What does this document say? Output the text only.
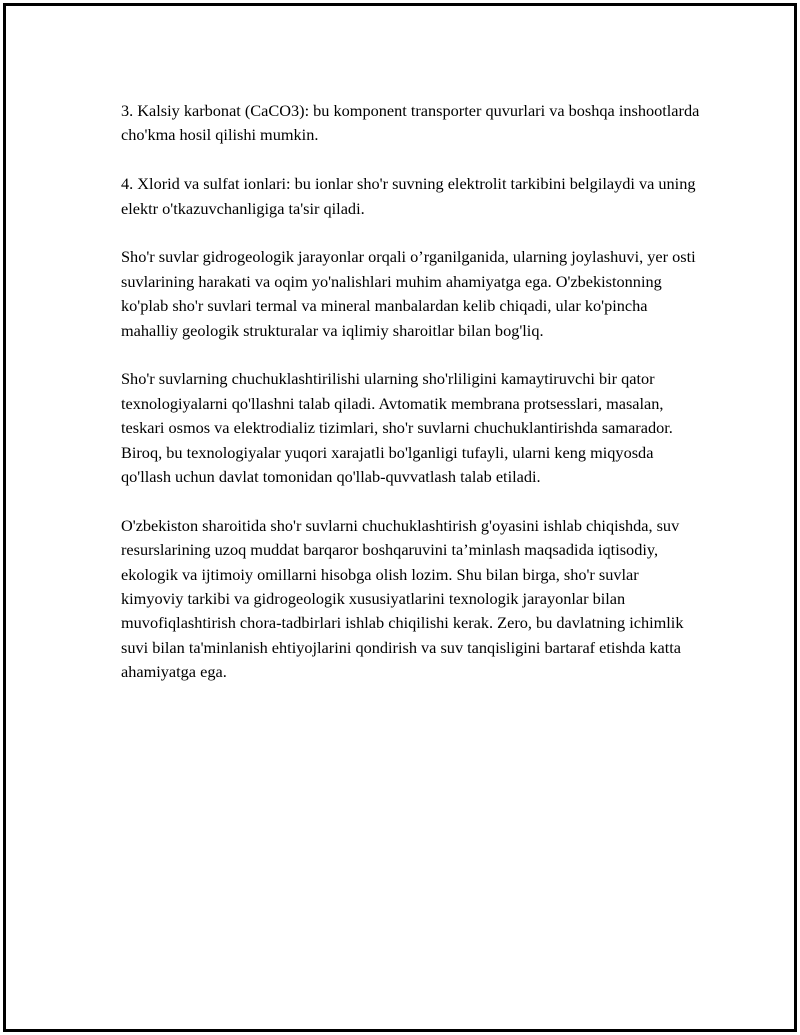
3. Kalsiy karbonat (CaCO3): bu komponent transporter quvurlari va boshqa inshootlarda cho'kma hosil qilishi mumkin.

4. Xlorid va sulfat ionlari: bu ionlar sho'r suvning elektrolit tarkibini belgilaydi va uning elektr o'tkazuvchanligiga ta'sir qiladi.

Sho'r suvlar gidrogeologik jarayonlar orqali o’rganilganida, ularning joylashuvi, yer osti suvlarining harakati va oqim yo'nalishlari muhim ahamiyatga ega. O'zbekistonning ko'plab sho'r suvlari termal va mineral manbalardan kelib chiqadi, ular ko'pincha mahalliy geologik strukturalar va iqlimiy sharoitlar bilan bog'liq.

Sho'r suvlarning chuchuklashtirilishi ularning sho'rliligini kamaytiruvchi bir qator texnologiyalarni qo'llashni talab qiladi. Avtomatik membrana protsesslari, masalan, teskari osmos va elektrodializ tizimlari, sho'r suvlarni chuchuklantirishda samarador. Biroq, bu texnologiyalar yuqori xarajatli bo'lganligi tufayli, ularni keng miqyosda qo'llash uchun davlat tomonidan qo'llab-quvvatlash talab etiladi.

O'zbekiston sharoitida sho'r suvlarni chuchuklashtirish g'oyasini ishlab chiqishda, suv resurslarining uzoq muddat barqaror boshqaruvini ta’minlash maqsadida iqtisodiy, ekologik va ijtimoiy omillarni hisobga olish lozim. Shu bilan birga, sho'r suvlar kimyoviy tarkibi va gidrogeologik xususiyatlarini texnologik jarayonlar bilan muvofiqlashtirish chora-tadbirlari ishlab chiqilishi kerak. Zero, bu davlatning ichimlik suvi bilan ta'minlanish ehtiyojlarini qondirish va suv tanqisligini bartaraf etishda katta ahamiyatga ega.
